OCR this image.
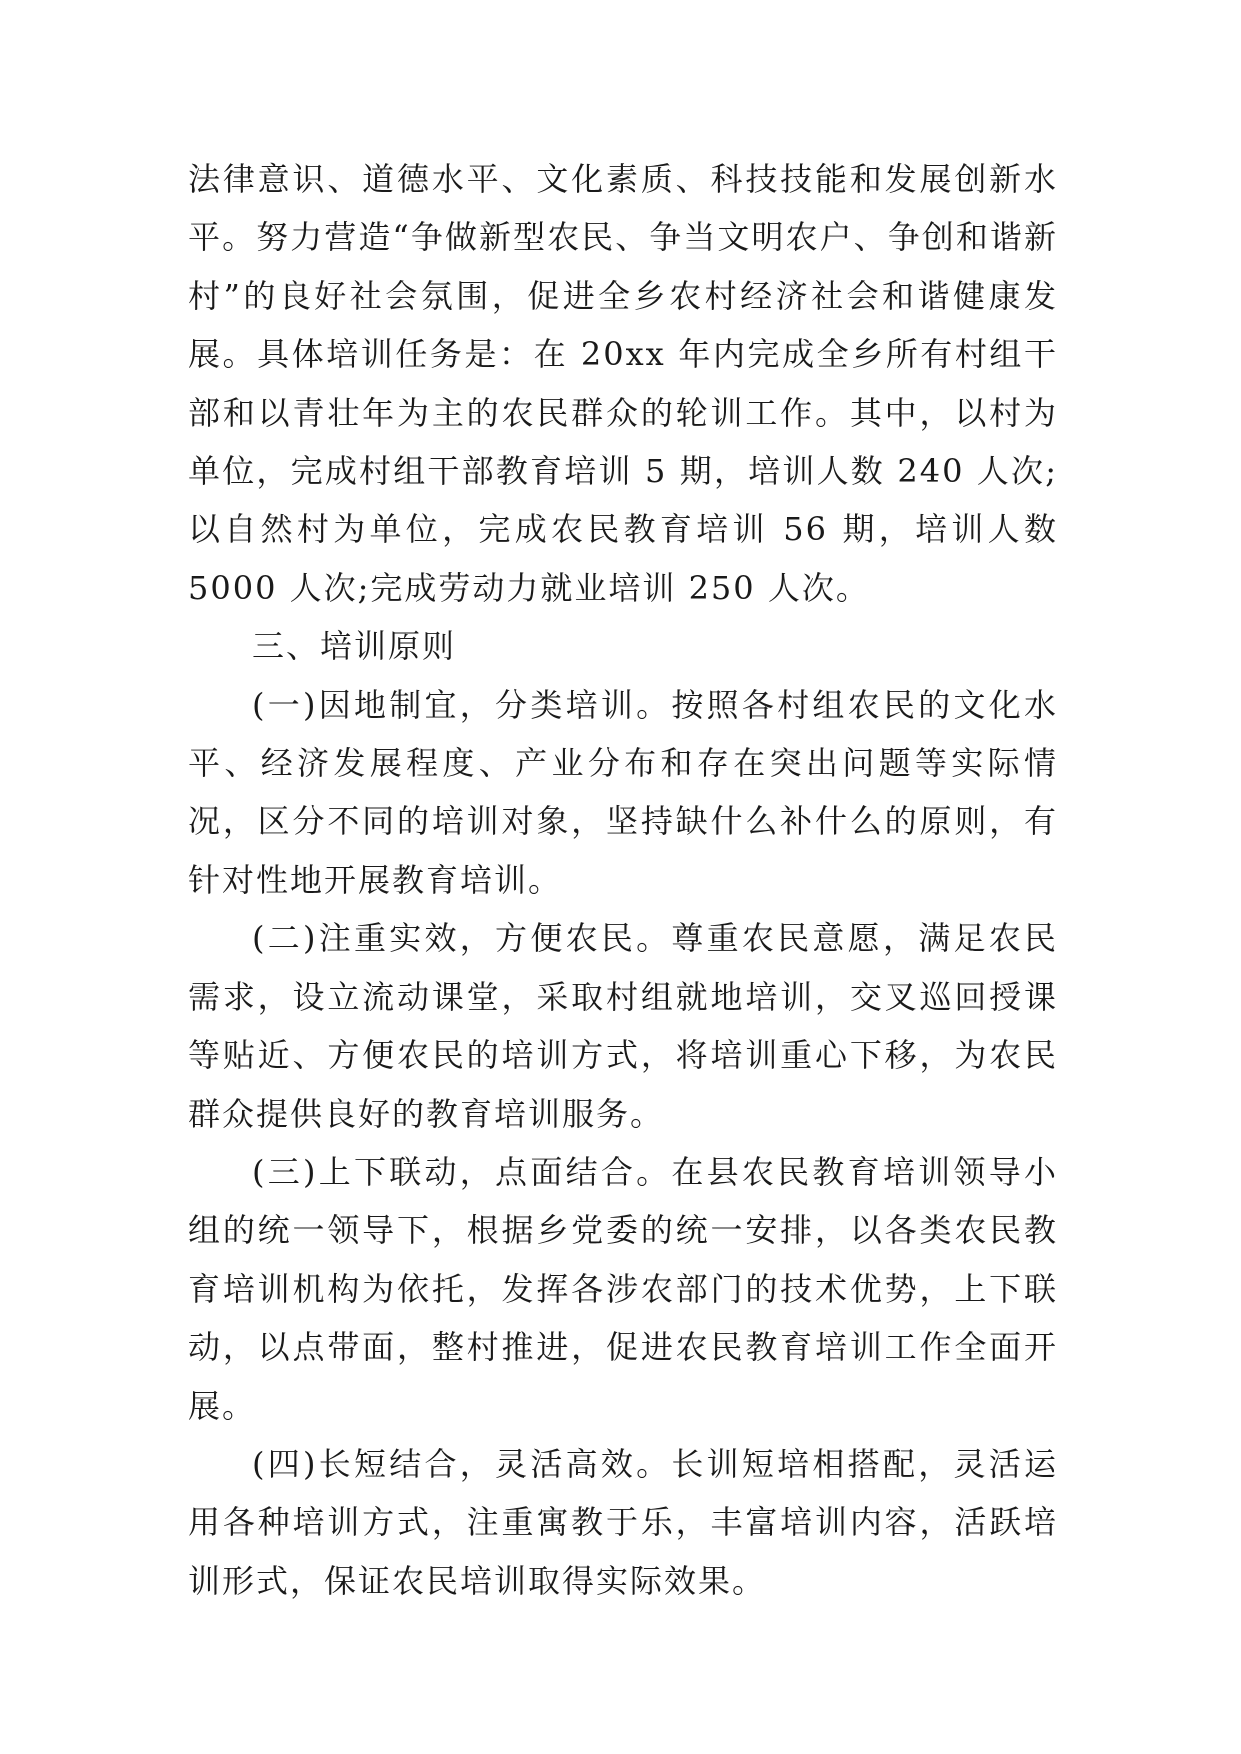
法律意识、道德水平、文化素质、科技技能和发展创新水平。努力营造“争做新型农民、争当文明农户、争创和谐新村”的良好社会氛围，促进全乡农村经济社会和谐健康发展。具体培训任务是：在 20xx 年内完成全乡所有村组干部和以青壮年为主的农民群众的轮训工作。其中，以村为单位，完成村组干部教育培训 5 期，培训人数 240 人次;以自然村为单位，完成农民教育培训 56 期，培训人数 5000 人次;完成劳动力就业培训 250 人次。

三、培训原则

(一)因地制宜，分类培训。按照各村组农民的文化水平、经济发展程度、产业分布和存在突出问题等实际情况，区分不同的培训对象，坚持缺什么补什么的原则，有针对性地开展教育培训。

(二)注重实效，方便农民。尊重农民意愿，满足农民需求，设立流动课堂，采取村组就地培训，交叉巡回授课等贴近、方便农民的培训方式，将培训重心下移，为农民群众提供良好的教育培训服务。

(三)上下联动，点面结合。在县农民教育培训领导小组的统一领导下，根据乡党委的统一安排，以各类农民教育培训机构为依托，发挥各涉农部门的技术优势，上下联动，以点带面，整村推进，促进农民教育培训工作全面开展。

(四)长短结合，灵活高效。长训短培相搭配，灵活运用各种培训方式，注重寓教于乐，丰富培训内容，活跃培训形式，保证农民培训取得实际效果。
